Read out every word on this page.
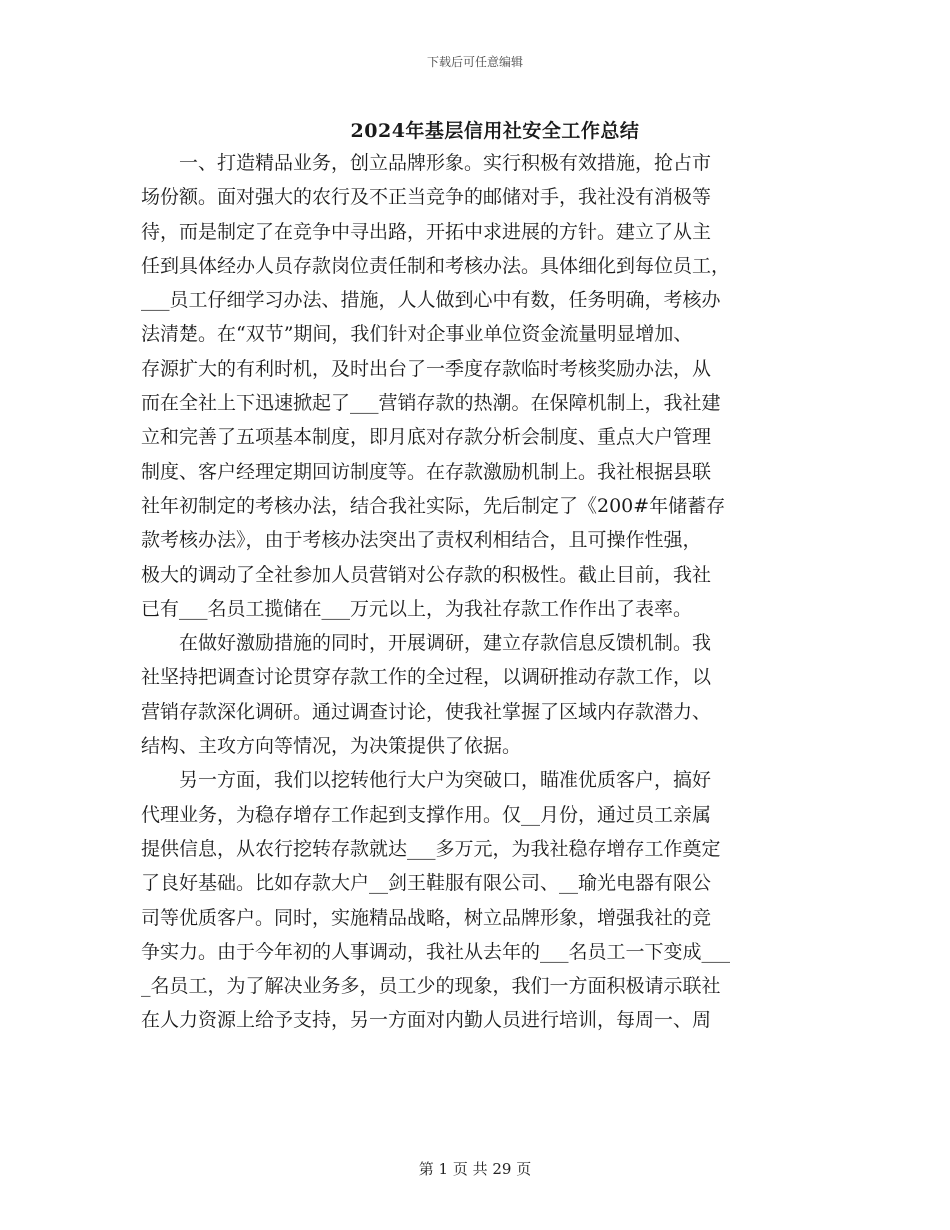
下载后可任意编辑
2024年基层信用社安全工作总结
　　一、打造精品业务，创立品牌形象。实行积极有效措施，抢占市
场份额。面对强大的农行及不正当竞争的邮储对手，我社没有消极等
待，而是制定了在竞争中寻出路，开拓中求进展的方针。建立了从主
任到具体经办人员存款岗位责任制和考核办法。具体细化到每位员工，
___员工仔细学习办法、措施，人人做到心中有数，任务明确，考核办
法清楚。在“双节”期间，我们针对企事业单位资金流量明显增加、
存源扩大的有利时机，及时出台了一季度存款临时考核奖励办法，从
而在全社上下迅速掀起了___营销存款的热潮。在保障机制上，我社建
立和完善了五项基本制度，即月底对存款分析会制度、重点大户管理
制度、客户经理定期回访制度等。在存款激励机制上。我社根据县联
社年初制定的考核办法，结合我社实际，先后制定了《200#年储蓄存
款考核办法》，由于考核办法突出了责权利相结合，且可操作性强，
极大的调动了全社参加人员营销对公存款的积极性。截止目前，我社
已有___名员工揽储在___万元以上，为我社存款工作作出了表率。
　　在做好激励措施的同时，开展调研，建立存款信息反馈机制。我
社坚持把调查讨论贯穿存款工作的全过程，以调研推动存款工作，以
营销存款深化调研。通过调查讨论，使我社掌握了区域内存款潜力、
结构、主攻方向等情况，为决策提供了依据。
　　另一方面，我们以挖转他行大户为突破口，瞄准优质客户，搞好
代理业务，为稳存增存工作起到支撑作用。仅__月份，通过员工亲属
提供信息，从农行挖转存款就达___多万元，为我社稳存增存工作奠定
了良好基础。比如存款大户__剑王鞋服有限公司、__瑜光电器有限公
司等优质客户。同时，实施精品战略，树立品牌形象，增强我社的竞
争实力。由于今年初的人事调动，我社从去年的___名员工一下变成___
_名员工，为了解决业务多，员工少的现象，我们一方面积极请示联社
在人力资源上给予支持，另一方面对内勤人员进行培训，每周一、周
第 1 页 共 29 页
